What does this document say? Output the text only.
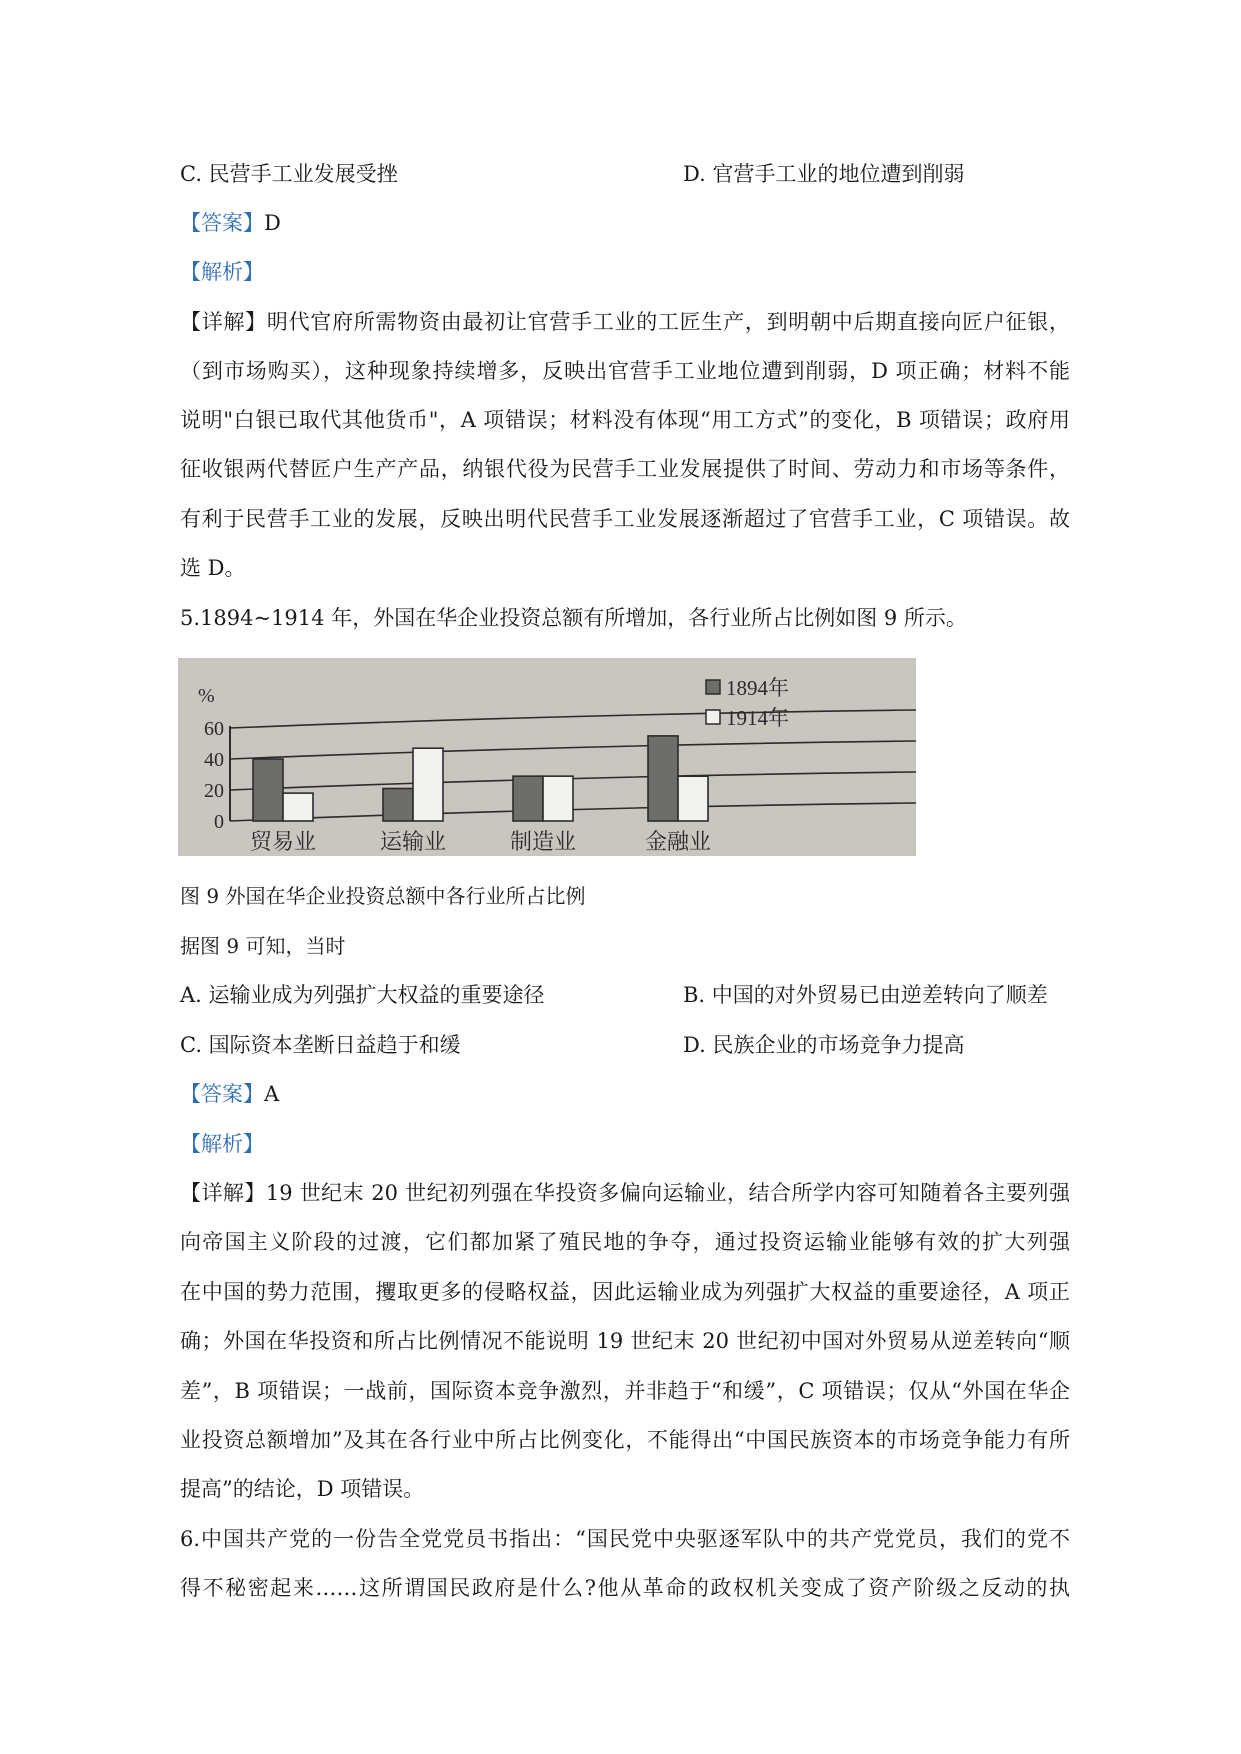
C. 民营手工业发展受挫	D. 官营手工业的地位遭到削弱
【答案】D
【解析】
【详解】明代官府所需物资由最初让官营手工业的工匠生产，到明朝中后期直接向匠户征银，
（到市场购买），这种现象持续增多，反映出官营手工业地位遭到削弱，D 项正确；材料不能
说明"白银已取代其他货币"，A 项错误；材料没有体现“用工方式”的变化，B 项错误；政府用
征收银两代替匠户生产产品，纳银代役为民营手工业发展提供了时间、劳动力和市场等条件，
有利于民营手工业的发展，反映出明代民营手工业发展逐渐超过了官营手工业，C 项错误。故
选 D。
5.1894~1914 年，外国在华企业投资总额有所增加，各行业所占比例如图 9 所示。
0
20
40
60
%
贸易业	运输业	制造业	金融业
1894年
1914年
图 9 外国在华企业投资总额中各行业所占比例
据图 9 可知，当时
A. 运输业成为列强扩大权益的重要途径	B. 中国的对外贸易已由逆差转向了顺差
C. 国际资本垄断日益趋于和缓	D. 民族企业的市场竞争力提高
【答案】A
【解析】
【详解】19 世纪末 20 世纪初列强在华投资多偏向运输业，结合所学内容可知随着各主要列强
向帝国主义阶段的过渡，它们都加紧了殖民地的争夺，通过投资运输业能够有效的扩大列强
在中国的势力范围，攫取更多的侵略权益，因此运输业成为列强扩大权益的重要途径，A 项正
确；外国在华投资和所占比例情况不能说明 19 世纪末 20 世纪初中国对外贸易从逆差转向“顺
差”，B 项错误；一战前，国际资本竞争激烈，并非趋于“和缓”，C 项错误；仅从“外国在华企
业投资总额增加”及其在各行业中所占比例变化，不能得出“中国民族资本的市场竞争能力有所
提高”的结论，D 项错误。
6.中国共产党的一份告全党党员书指出：“国民党中央驱逐军队中的共产党党员，我们的党不
得不秘密起来……这所谓国民政府是什么?他从革命的政权机关变成了资产阶级之反动的执
